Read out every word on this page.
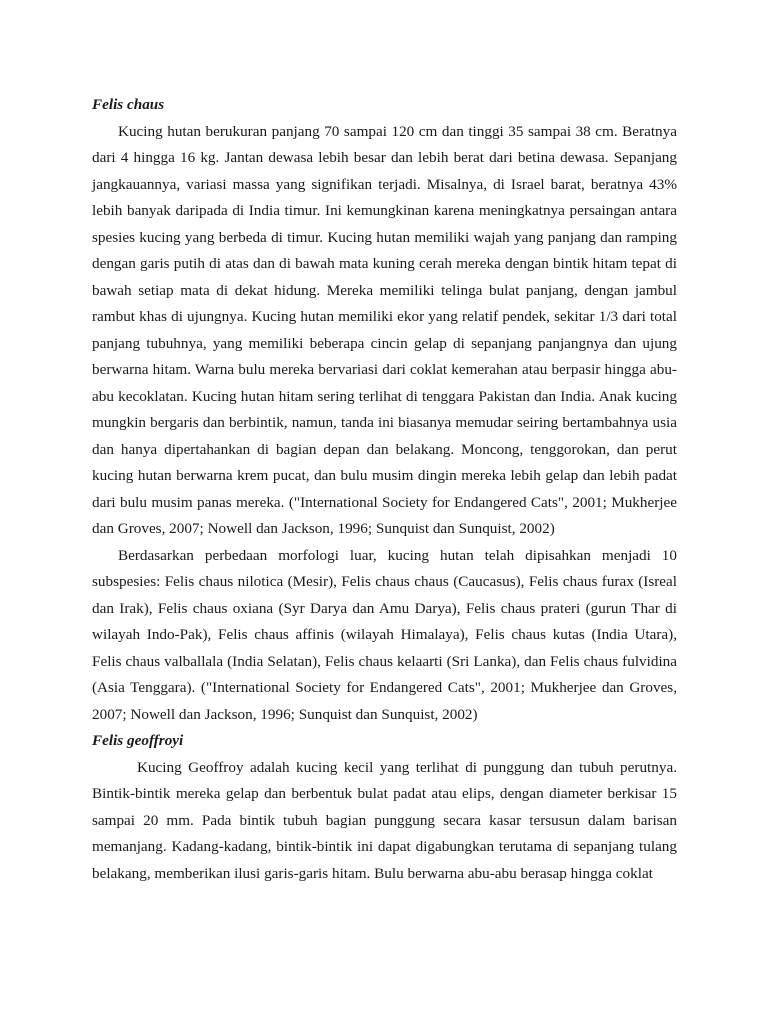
Felis chaus

Kucing hutan berukuran panjang 70 sampai 120 cm dan tinggi 35 sampai 38 cm. Beratnya dari 4 hingga 16 kg. Jantan dewasa lebih besar dan lebih berat dari betina dewasa. Sepanjang jangkauannya, variasi massa yang signifikan terjadi. Misalnya, di Israel barat, beratnya 43% lebih banyak daripada di India timur. Ini kemungkinan karena meningkatnya persaingan antara spesies kucing yang berbeda di timur. Kucing hutan memiliki wajah yang panjang dan ramping dengan garis putih di atas dan di bawah mata kuning cerah mereka dengan bintik hitam tepat di bawah setiap mata di dekat hidung. Mereka memiliki telinga bulat panjang, dengan jambul rambut khas di ujungnya. Kucing hutan memiliki ekor yang relatif pendek, sekitar 1/3 dari total panjang tubuhnya, yang memiliki beberapa cincin gelap di sepanjang panjangnya dan ujung berwarna hitam. Warna bulu mereka bervariasi dari coklat kemerahan atau berpasir hingga abu-abu kecoklatan. Kucing hutan hitam sering terlihat di tenggara Pakistan dan India. Anak kucing mungkin bergaris dan berbintik, namun, tanda ini biasanya memudar seiring bertambahnya usia dan hanya dipertahankan di bagian depan dan belakang. Moncong, tenggorokan, dan perut kucing hutan berwarna krem pucat, dan bulu musim dingin mereka lebih gelap dan lebih padat dari bulu musim panas mereka. ("International Society for Endangered Cats", 2001; Mukherjee dan Groves, 2007; Nowell dan Jackson, 1996; Sunquist dan Sunquist, 2002)

Berdasarkan perbedaan morfologi luar, kucing hutan telah dipisahkan menjadi 10 subspesies: Felis chaus nilotica (Mesir), Felis chaus chaus (Caucasus), Felis chaus furax (Isreal dan Irak), Felis chaus oxiana (Syr Darya dan Amu Darya), Felis chaus prateri (gurun Thar di wilayah Indo-Pak), Felis chaus affinis (wilayah Himalaya), Felis chaus kutas (India Utara), Felis chaus valballala (India Selatan), Felis chaus kelaarti (Sri Lanka), dan Felis chaus fulvidina (Asia Tenggara). ("International Society for Endangered Cats", 2001; Mukherjee dan Groves, 2007; Nowell dan Jackson, 1996; Sunquist dan Sunquist, 2002)

Felis geoffroyi

Kucing Geoffroy adalah kucing kecil yang terlihat di punggung dan tubuh perutnya. Bintik-bintik mereka gelap dan berbentuk bulat padat atau elips, dengan diameter berkisar 15 sampai 20 mm. Pada bintik tubuh bagian punggung secara kasar tersusun dalam barisan memanjang. Kadang-kadang, bintik-bintik ini dapat digabungkan terutama di sepanjang tulang belakang, memberikan ilusi garis-garis hitam. Bulu berwarna abu-abu berasap hingga coklat
